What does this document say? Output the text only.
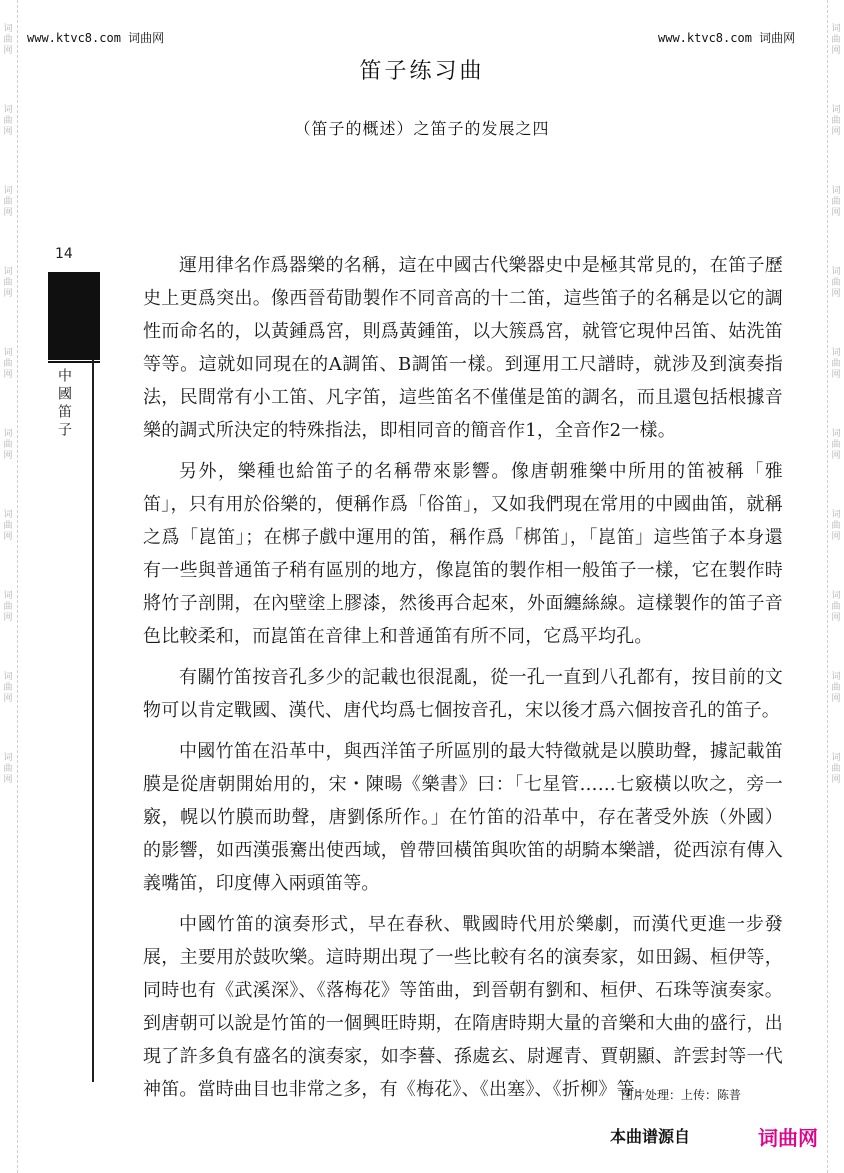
词
曲
网
词
曲
网
词
曲
网
词
曲
网
词
曲
网
词
曲
网
词
曲
网
词
曲
网
词
曲
网
词
曲
网
词
曲
网
词
曲
网
词
曲
网
词
曲
网
词
曲
网
词
曲
网
词
曲
网
词
曲
网
词
曲
网
词
曲
网
www.ktvc8.com 词曲网	www.ktvc8.com 词曲网
笛子练习曲
（笛子的概述）之笛子的发展之四
14
中國笛子

運用律名作爲器樂的名稱，這在中國古代樂器史中是極其常見的，在笛子歷史上更爲突出。像西晉荀勖製作不同音高的十二笛，這些笛子的名稱是以它的調性而命名的，以黃鍾爲宮，則爲黃鍾笛，以大簇爲宮，就管它現仲呂笛、姑洗笛等等。這就如同現在的A調笛、B調笛一樣。到運用工尺譜時，就涉及到演奏指法，民間常有小工笛、凡字笛，這些笛名不僅僅是笛的調名，而且還包括根據音樂的調式所決定的特殊指法，即相同音的簡音作1，全音作2一樣。

另外，樂種也給笛子的名稱帶來影響。像唐朝雅樂中所用的笛被稱「雅笛」，只有用於俗樂的，便稱作爲「俗笛」，又如我們現在常用的中國曲笛，就稱之爲「崑笛」；在梆子戲中運用的笛，稱作爲「梆笛」，「崑笛」這些笛子本身還有一些與普通笛子稍有區別的地方，像崑笛的製作相一般笛子一樣，它在製作時將竹子剖開，在內壁塗上膠漆，然後再合起來，外面纏絲線。這樣製作的笛子音色比較柔和，而崑笛在音律上和普通笛有所不同，它爲平均孔。

有關竹笛按音孔多少的記載也很混亂，從一孔一直到八孔都有，按目前的文物可以肯定戰國、漢代、唐代均爲七個按音孔，宋以後才爲六個按音孔的笛子。

中國竹笛在沿革中，與西洋笛子所區別的最大特徵就是以膜助聲，據記載笛膜是從唐朝開始用的，宋・陳暘《樂書》曰：「七星管……七竅橫以吹之，旁一竅，幌以竹膜而助聲，唐劉係所作。」在竹笛的沿革中，存在著受外族（外國）的影響，如西漢張騫出使西域，曾帶回橫笛與吹笛的胡騎本樂譜，從西涼有傳入義嘴笛，印度傳入兩頭笛等。

中國竹笛的演奏形式，早在春秋、戰國時代用於樂劇，而漢代更進一步發展，主要用於鼓吹樂。這時期出現了一些比較有名的演奏家，如田錫、桓伊等，同時也有《武溪深》、《落梅花》等笛曲，到晉朝有劉和、桓伊、石珠等演奏家。到唐朝可以說是竹笛的一個興旺時期，在隋唐時期大量的音樂和大曲的盛行，出現了許多負有盛名的演奏家，如李謩、孫處玄、尉遲青、賈朝顯、許雲封等一代神笛。當時曲目也非常之多，有《梅花》、《出塞》、《折柳》等。

图片处理：上传：陈普
本曲谱源自	词曲网
